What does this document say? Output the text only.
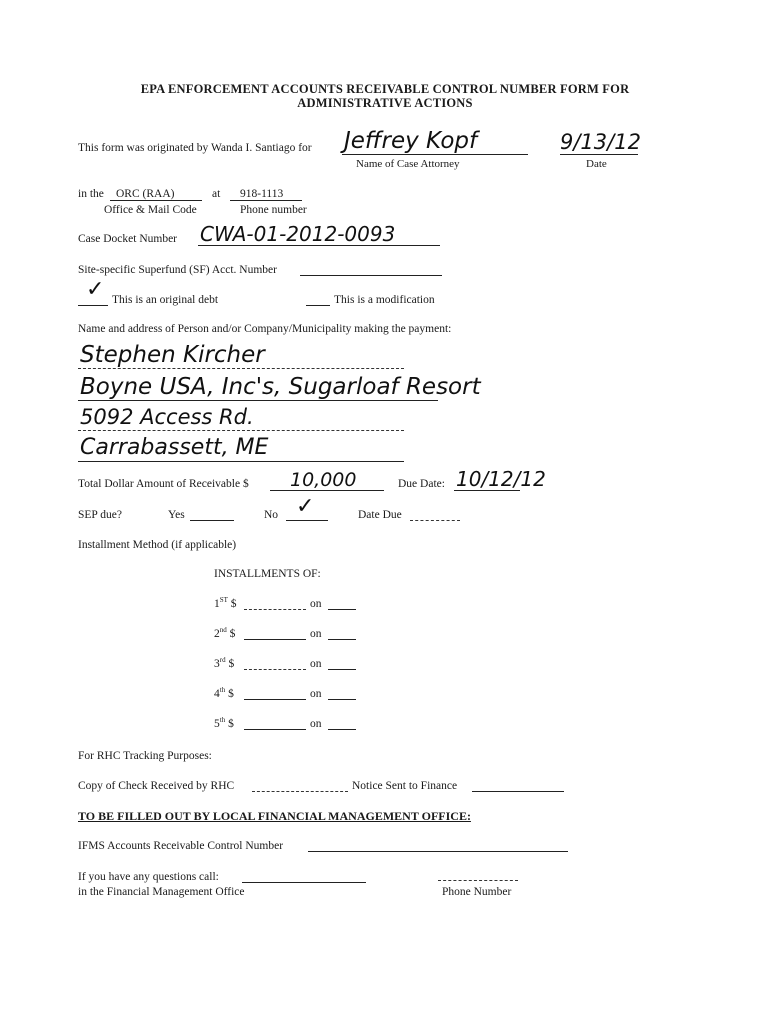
EPA ENFORCEMENT ACCOUNTS RECEIVABLE CONTROL NUMBER FORM FOR
ADMINISTRATIVE ACTIONS
This form was originated by Wanda I. Santiago for Jeffrey Kopf
Name of Case Attorney
9/13/12
Date
in the ORC (RAA)	at 918-1113
Office & Mail Code	Phone number
Case Docket Number CWA-01-2012-0093
Site-specific Superfund (SF) Acct. Number
✓ This is an original debt	This is a modification
Name and address of Person and/or Company/Municipality making the payment:
Stephen Kircher
Boyne USA, Inc's, Sugarloaf Resort
5092 Access Rd.
Carrabassett, ME
Total Dollar Amount of Receivable $ 10,000	Due Date: 10/12/12
SEP due?	Yes	No ✓	Date Due
Installment Method (if applicable)
INSTALLMENTS OF:
1ST $	on
2nd $	on
3rd $	on
4th $	on
5th $	on
For RHC Tracking Purposes:
Copy of Check Received by RHC	Notice Sent to Finance
TO BE FILLED OUT BY LOCAL FINANCIAL MANAGEMENT OFFICE:
IFMS Accounts Receivable Control Number
If you have any questions call:
in the Financial Management Office	Phone Number
